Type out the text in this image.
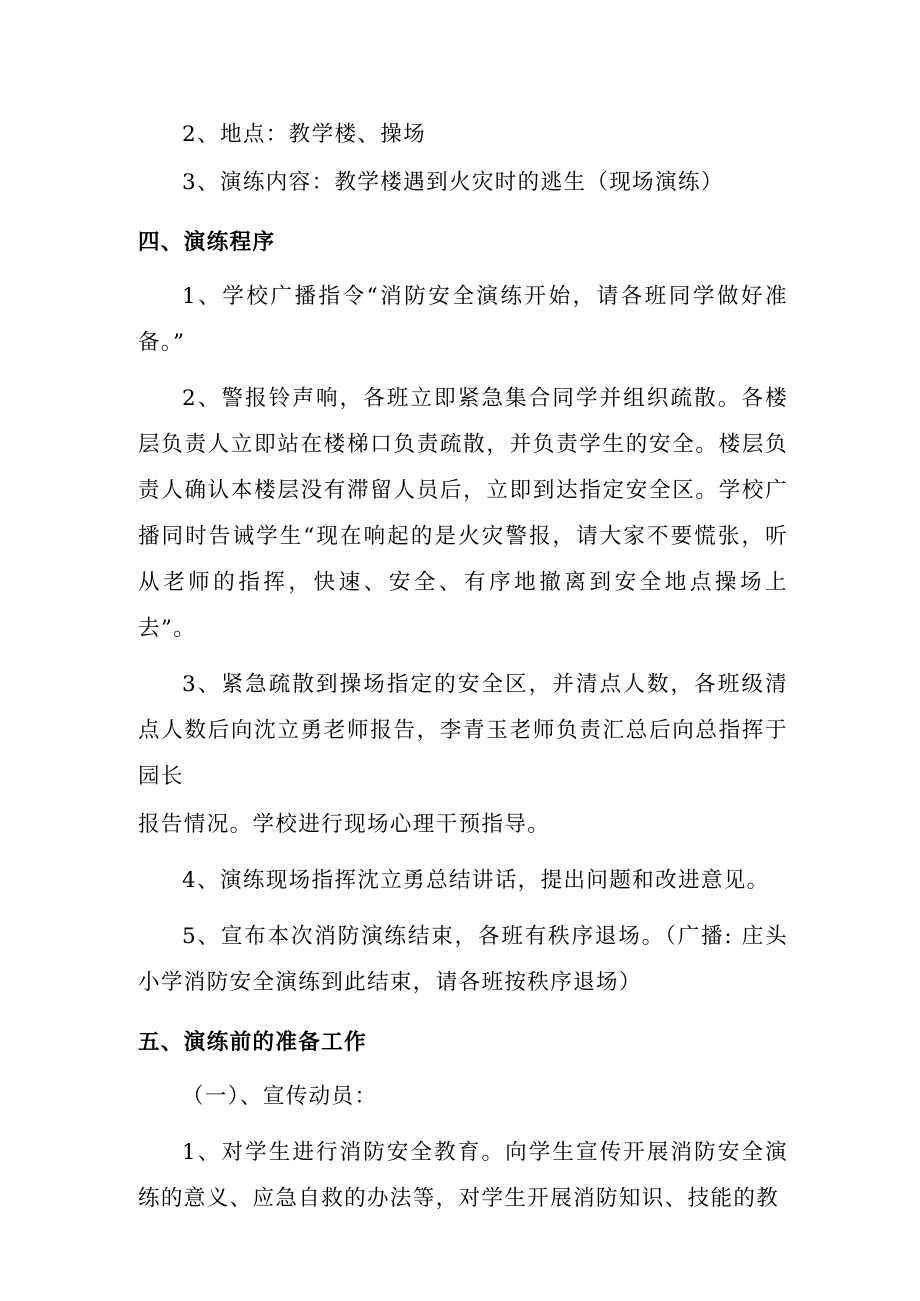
2、地点：教学楼、操场

3、演练内容：教学楼遇到火灾时的逃生（现场演练）

四、演练程序

1、学校广播指令“消防安全演练开始，请各班同学做好准备。”

2、警报铃声响，各班立即紧急集合同学并组织疏散。各楼层负责人立即站在楼梯口负责疏散，并负责学生的安全。楼层负责人确认本楼层没有滞留人员后，立即到达指定安全区。学校广播同时告诫学生“现在响起的是火灾警报，请大家不要慌张，听从老师的指挥，快速、安全、有序地撤离到安全地点操场上去”。

3、紧急疏散到操场指定的安全区，并清点人数，各班级清点人数后向沈立勇老师报告，李青玉老师负责汇总后向总指挥于园长

报告情况。学校进行现场心理干预指导。

4、演练现场指挥沈立勇总结讲话，提出问题和改进意见。

5、宣布本次消防演练结束，各班有秩序退场。（广播: 庄头小学消防安全演练到此结束，请各班按秩序退场）

五、演练前的准备工作

（一）、宣传动员：

1、对学生进行消防安全教育。向学生宣传开展消防安全演练的意义、应急自救的办法等，对学生开展消防知识、技能的教
